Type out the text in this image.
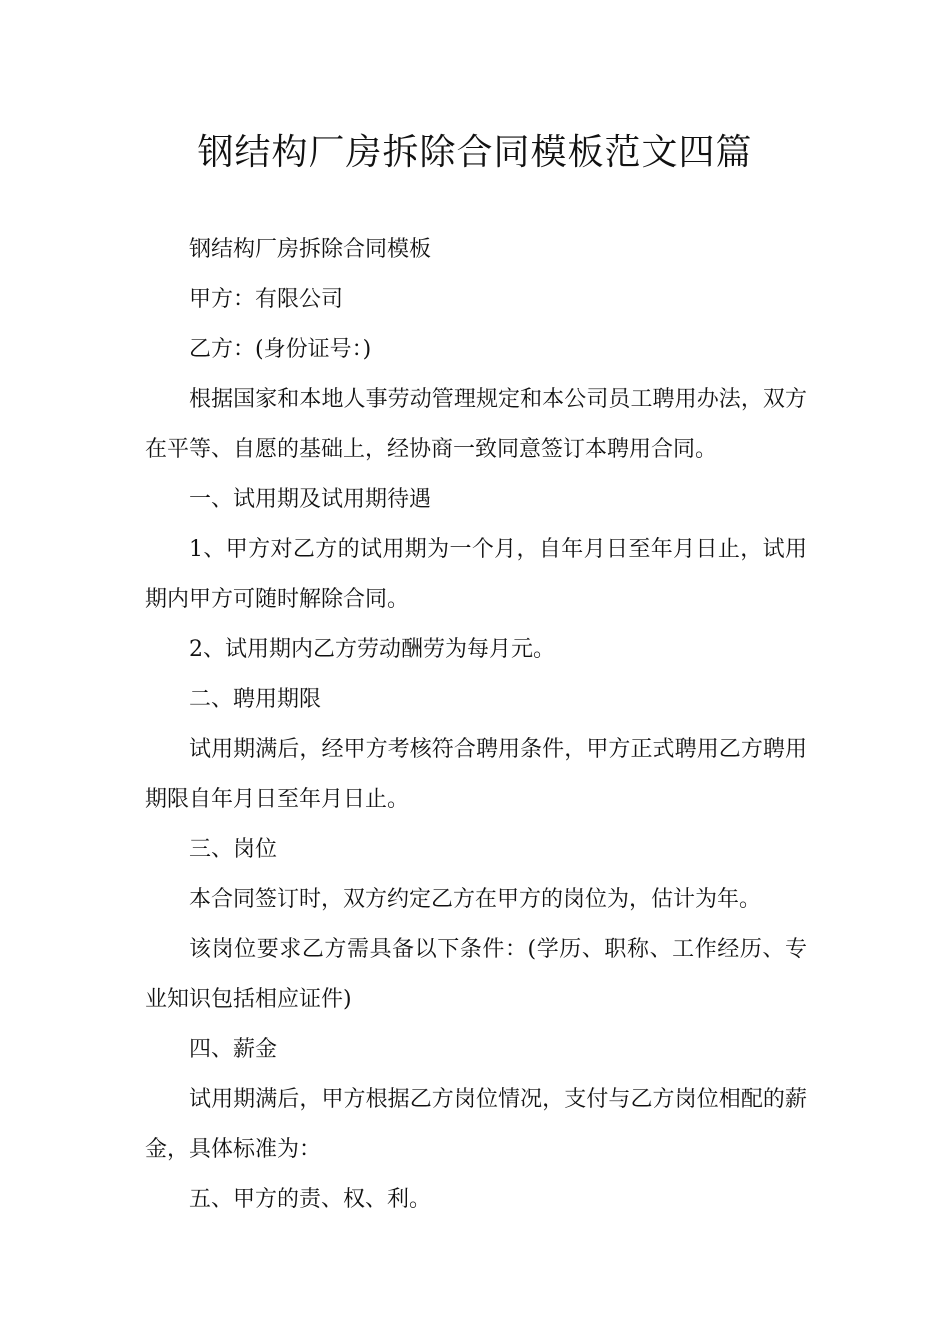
钢结构厂房拆除合同模板范文四篇

钢结构厂房拆除合同模板

甲方：有限公司

乙方：(身份证号：)

根据国家和本地人事劳动管理规定和本公司员工聘用办法，双方在平等、自愿的基础上，经协商一致同意签订本聘用合同。

一、试用期及试用期待遇

1、甲方对乙方的试用期为一个月，自年月日至年月日止，试用期内甲方可随时解除合同。

2、试用期内乙方劳动酬劳为每月元。

二、聘用期限

试用期满后，经甲方考核符合聘用条件，甲方正式聘用乙方聘用期限自年月日至年月日止。

三、岗位

本合同签订时，双方约定乙方在甲方的岗位为，估计为年。

该岗位要求乙方需具备以下条件：(学历、职称、工作经历、专业知识包括相应证件)

四、薪金

试用期满后，甲方根据乙方岗位情况，支付与乙方岗位相配的薪金，具体标准为：

五、甲方的责、权、利。
